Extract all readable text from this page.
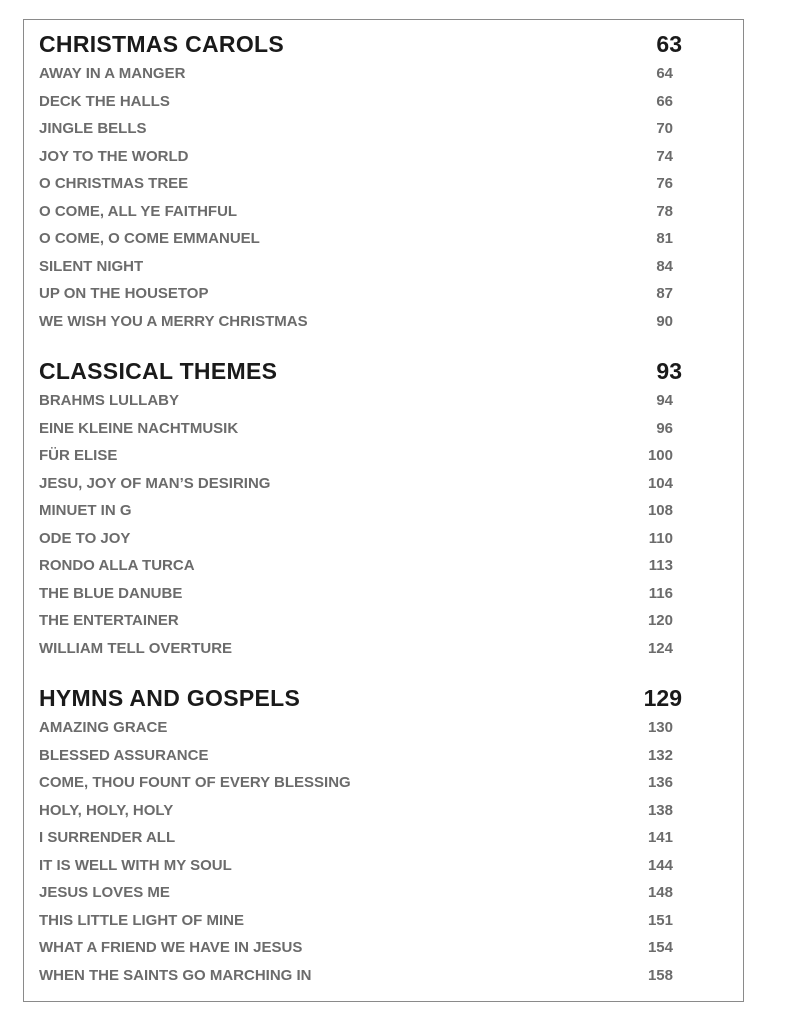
CHRISTMAS CAROLS	63
AWAY IN A MANGER	64
DECK THE HALLS	66
JINGLE BELLS	70
JOY TO THE WORLD	74
O CHRISTMAS TREE	76
O COME, ALL YE FAITHFUL	78
O COME, O COME EMMANUEL	81
SILENT NIGHT	84
UP ON THE HOUSETOP	87
WE WISH YOU A MERRY CHRISTMAS	90
CLASSICAL THEMES	93
BRAHMS LULLABY	94
EINE KLEINE NACHTMUSIK	96
FÜR ELISE	100
JESU, JOY OF MAN’S DESIRING	104
MINUET IN G	108
ODE TO JOY	110
RONDO ALLA TURCA	113
THE BLUE DANUBE	116
THE ENTERTAINER	120
WILLIAM TELL OVERTURE	124
HYMNS AND GOSPELS	129
AMAZING GRACE	130
BLESSED ASSURANCE	132
COME, THOU FOUNT OF EVERY BLESSING	136
HOLY, HOLY, HOLY	138
I SURRENDER ALL	141
IT IS WELL WITH MY SOUL	144
JESUS LOVES ME	148
THIS LITTLE LIGHT OF MINE	151
WHAT A FRIEND WE HAVE IN JESUS	154
WHEN THE SAINTS GO MARCHING IN	158
